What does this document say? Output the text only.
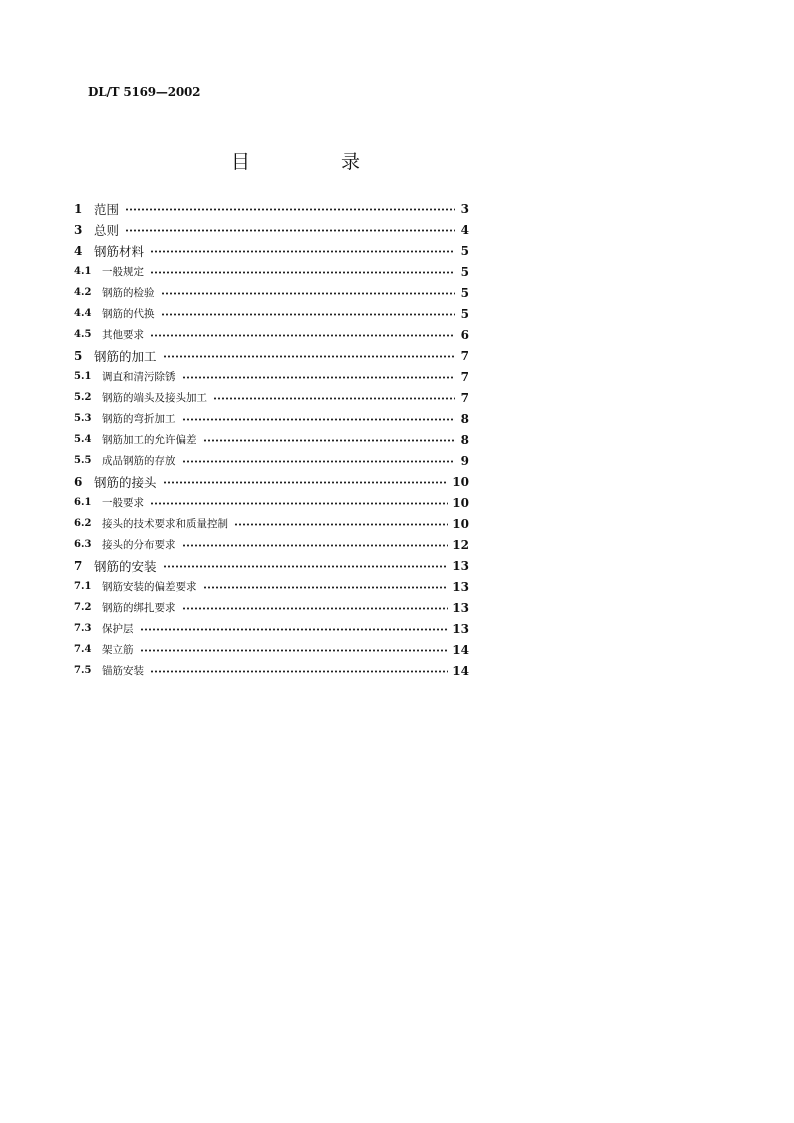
DL/T 5169—2002
目　录
1 范围	3
3 总则	4
4 钢筋材料	5
4.1	一般规定	5
4.2	钢筋的检验	5
4.4	钢筋的代换	5
4.5	其他要求	6
5 钢筋的加工	7
5.1	调直和清污除锈	7
5.2	钢筋的端头及接头加工	7
5.3	钢筋的弯折加工	8
5.4	钢筋加工的允许偏差	8
5.5	成品钢筋的存放	9
6 钢筋的接头	10
6.1	一般要求	10
6.2	接头的技术要求和质量控制	10
6.3	接头的分布要求	12
7 钢筋的安装	13
7.1	钢筋安装的偏差要求	13
7.2	钢筋的绑扎要求	13
7.3	保护层	13
7.4	架立筋	14
7.5	锚筋安装	14
